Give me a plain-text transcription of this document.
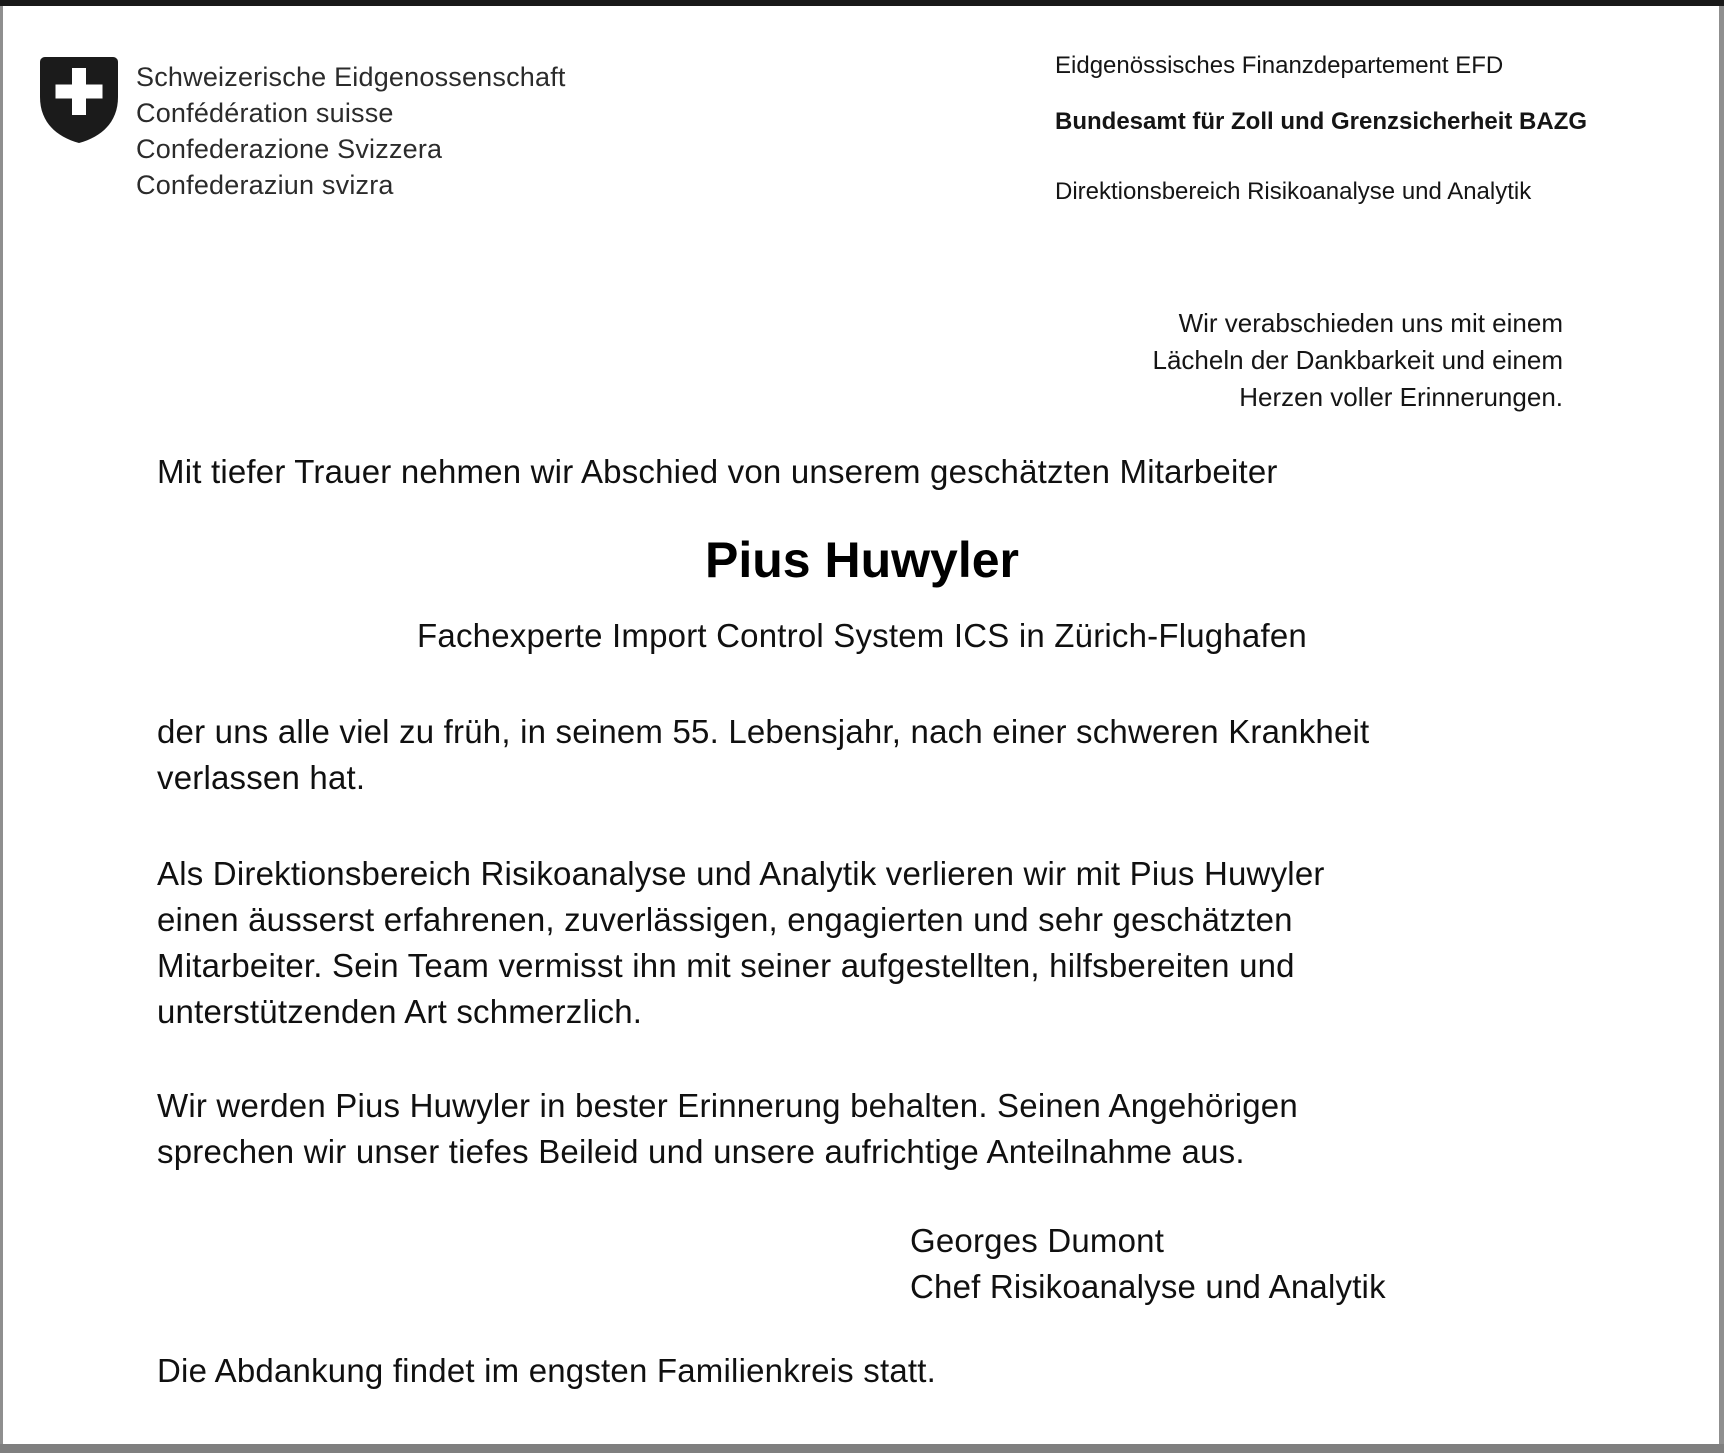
Schweizerische Eidgenossenschaft
Confédération suisse
Confederazione Svizzera
Confederaziun svizra
Eidgenössisches Finanzdepartement EFD
Bundesamt für Zoll und Grenzsicherheit BAZG
Direktionsbereich Risikoanalyse und Analytik
Wir verabschieden uns mit einem
Lächeln der Dankbarkeit und einem
Herzen voller Erinnerungen.
Mit tiefer Trauer nehmen wir Abschied von unserem geschätzten Mitarbeiter
Pius Huwyler
Fachexperte Import Control System ICS in Zürich-Flughafen
der uns alle viel zu früh, in seinem 55. Lebensjahr, nach einer schweren Krankheit
verlassen hat.
Als Direktionsbereich Risikoanalyse und Analytik verlieren wir mit Pius Huwyler
einen äusserst erfahrenen, zuverlässigen, engagierten und sehr geschätzten
Mitarbeiter. Sein Team vermisst ihn mit seiner aufgestellten, hilfsbereiten und
unterstützenden Art schmerzlich.
Wir werden Pius Huwyler in bester Erinnerung behalten. Seinen Angehörigen
sprechen wir unser tiefes Beileid und unsere aufrichtige Anteilnahme aus.
Georges Dumont
Chef Risikoanalyse und Analytik
Die Abdankung findet im engsten Familienkreis statt.
